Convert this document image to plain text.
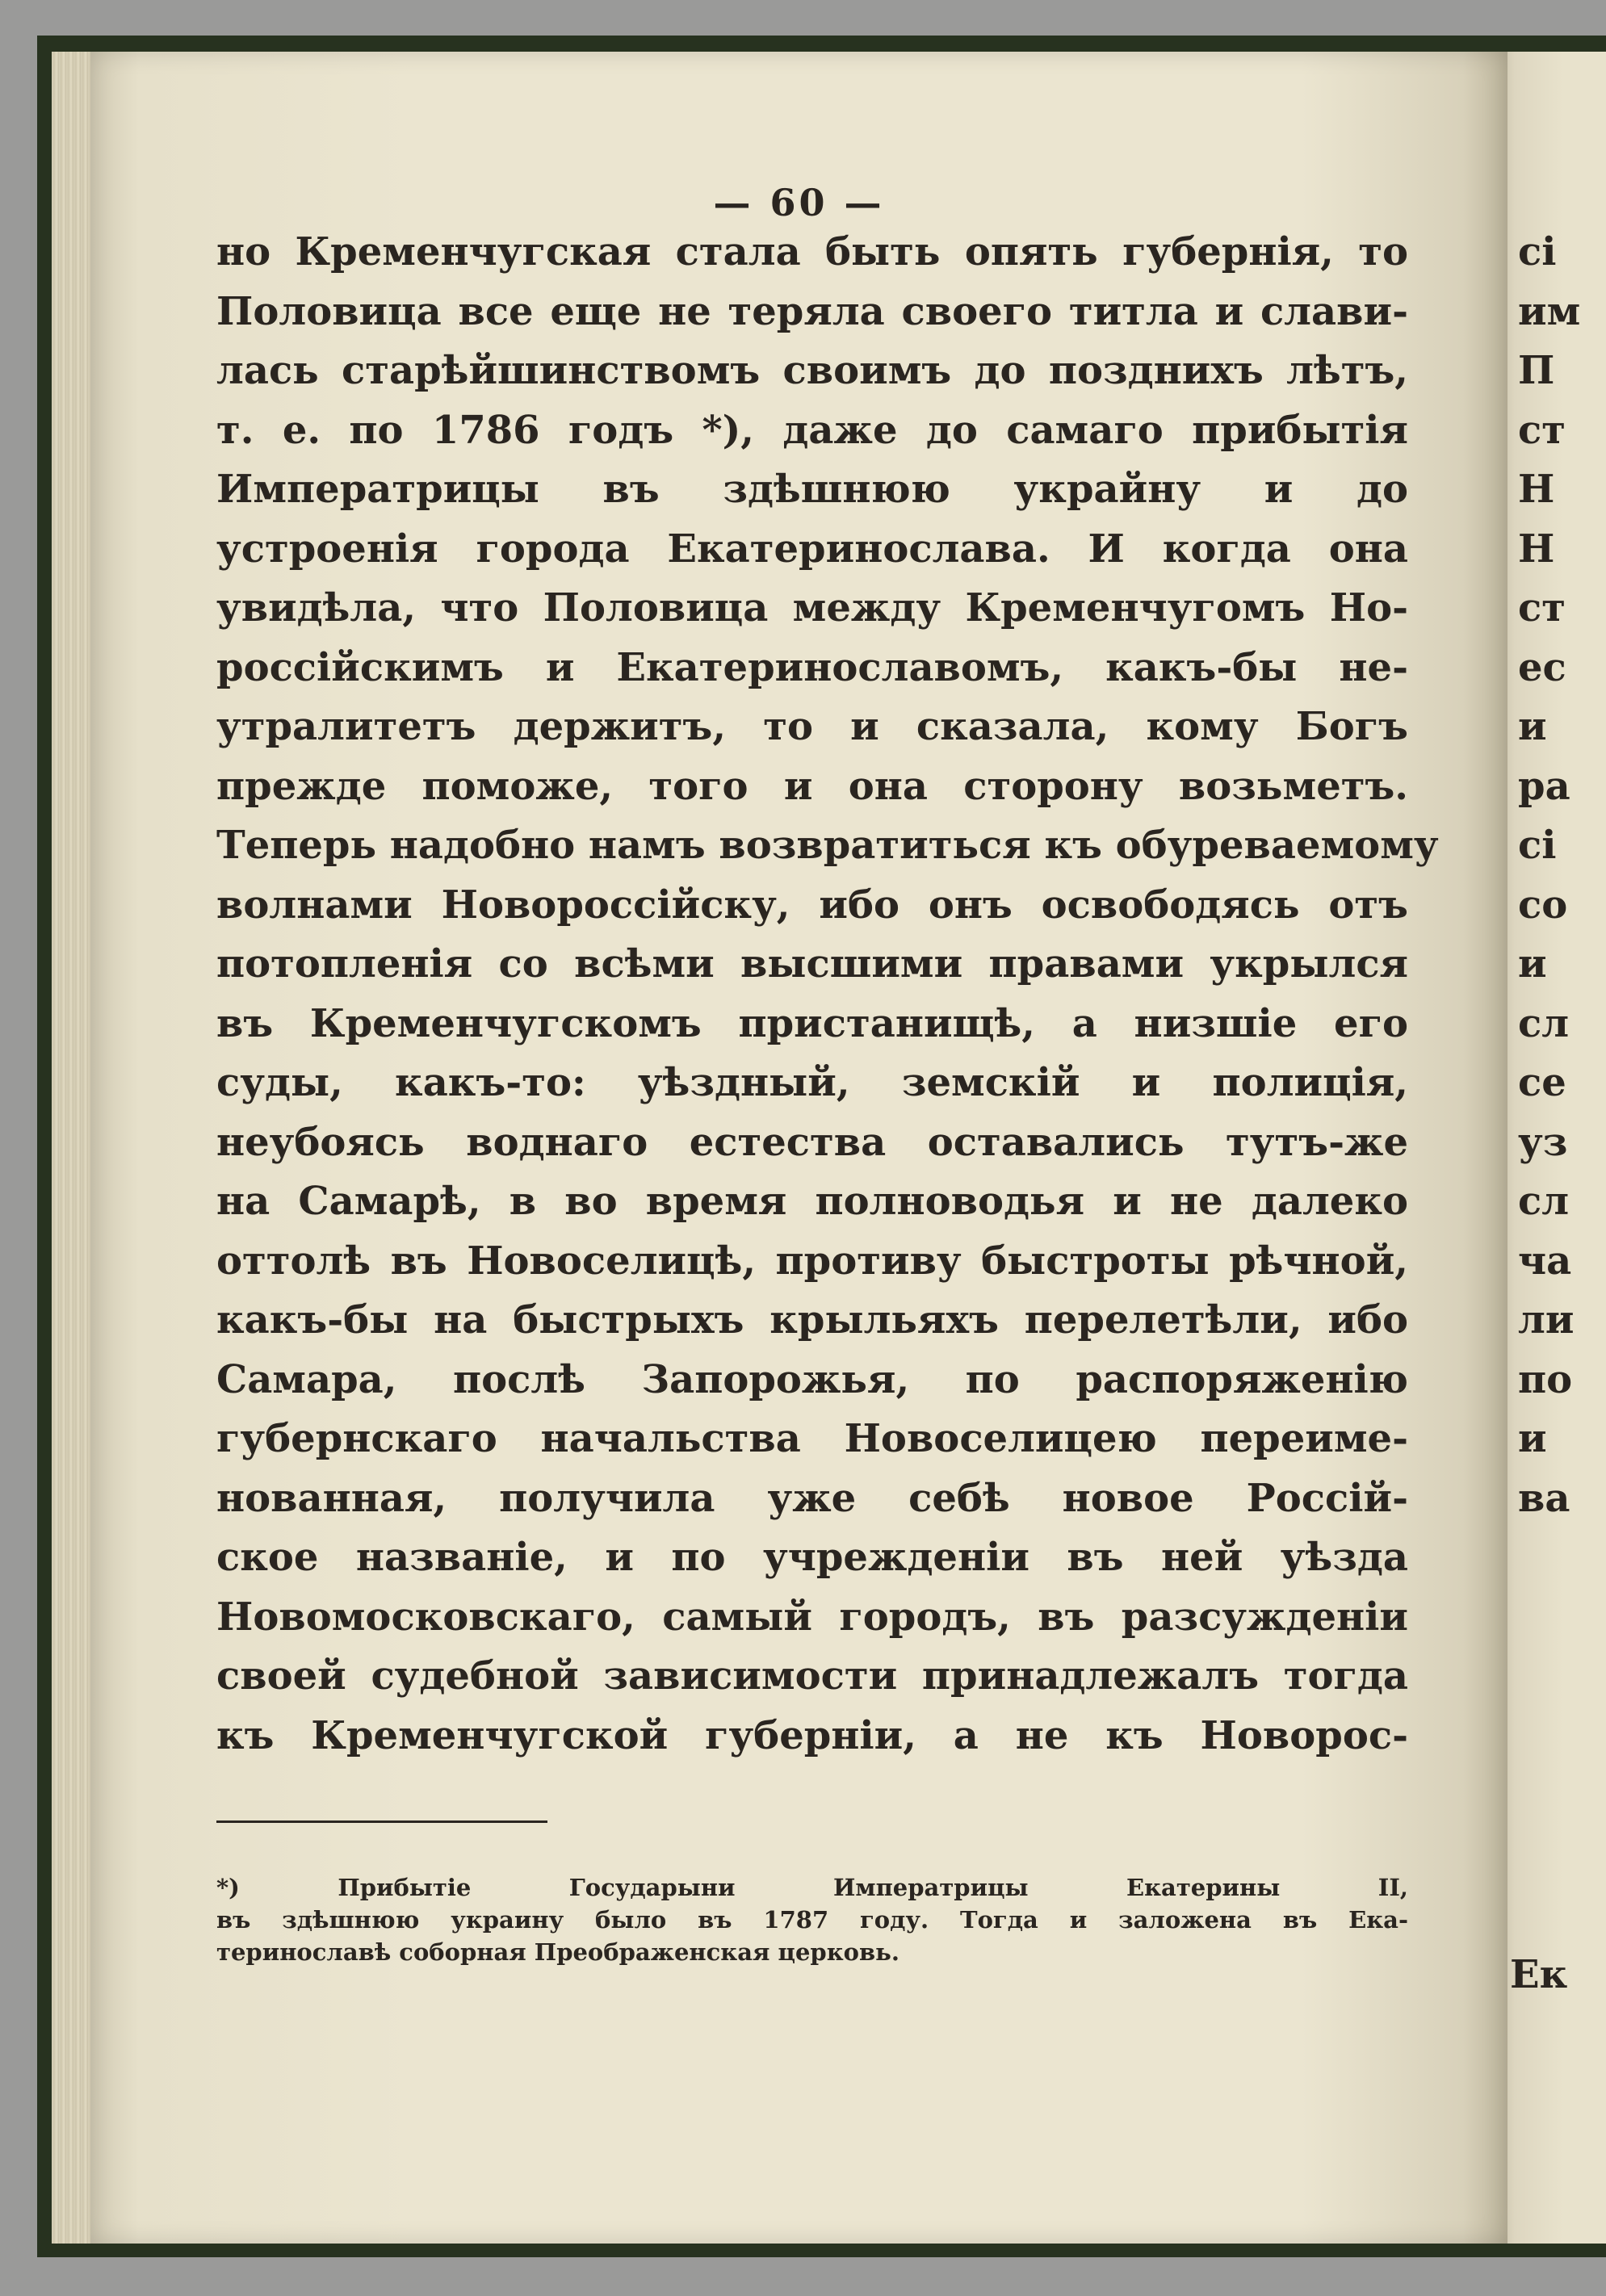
— 60 —
но Кременчугская стала быть опять губернiя, то
Половица все еще не теряла своего титла и слави-
лась старѣйшинствомъ своимъ до позднихъ лѣтъ,
т. е. по 1786 годъ *), даже до самаго прибытiя
Императрицы въ здѣшнюю украйну и до
устроенiя города Екатеринослава. И когда она
увидѣла, что Половица между Кременчугомъ Но-
россiйскимъ и Екатеринославомъ, какъ-бы не-
утралитетъ держитъ, то и сказала, кому Богъ
прежде поможе, того и она сторону возьметъ.
Теперь надобно намъ возвратиться къ обуреваемому
волнами Новороссiйску, ибо онъ освободясь отъ
потопленiя со всѣми высшими правами укрылся
въ Кременчугскомъ пристанищѣ, а низшiе его
суды, какъ-то: уѣздный, земскiй и полицiя,
неубоясь воднаго естества оставались тутъ-же
на Самарѣ, в во время полноводья и не далеко
оттолѣ въ Новоселицѣ, противу быстроты рѣчной,
какъ-бы на быстрыхъ крыльяхъ перелетѣли, ибо
Самара, послѣ Запорожья, по распоряженiю
губернскаго начальства Новоселицею переиме-
нованная, получила уже себѣ новое Россiй-
ское названiе, и по учрежденiи въ ней уѣзда
Новомосковскаго, самый городъ, въ разсужденiи
своей судебной зависимости принадлежалъ тогда
къ Кременчугской губернiи, а не къ Новорос-
*) Прибытiе Государыни Императрицы Екатерины II,
въ здѣшнюю украину было въ 1787 году. Тогда и заложена въ Ека-
теринославѣ соборная Преображенская церковь.
сі
им
П
ст
Н
Н
ст
ес
и
ра
сі
со
и
сл
се
уз
сл
ча
ли
по
и
ва
Ек
